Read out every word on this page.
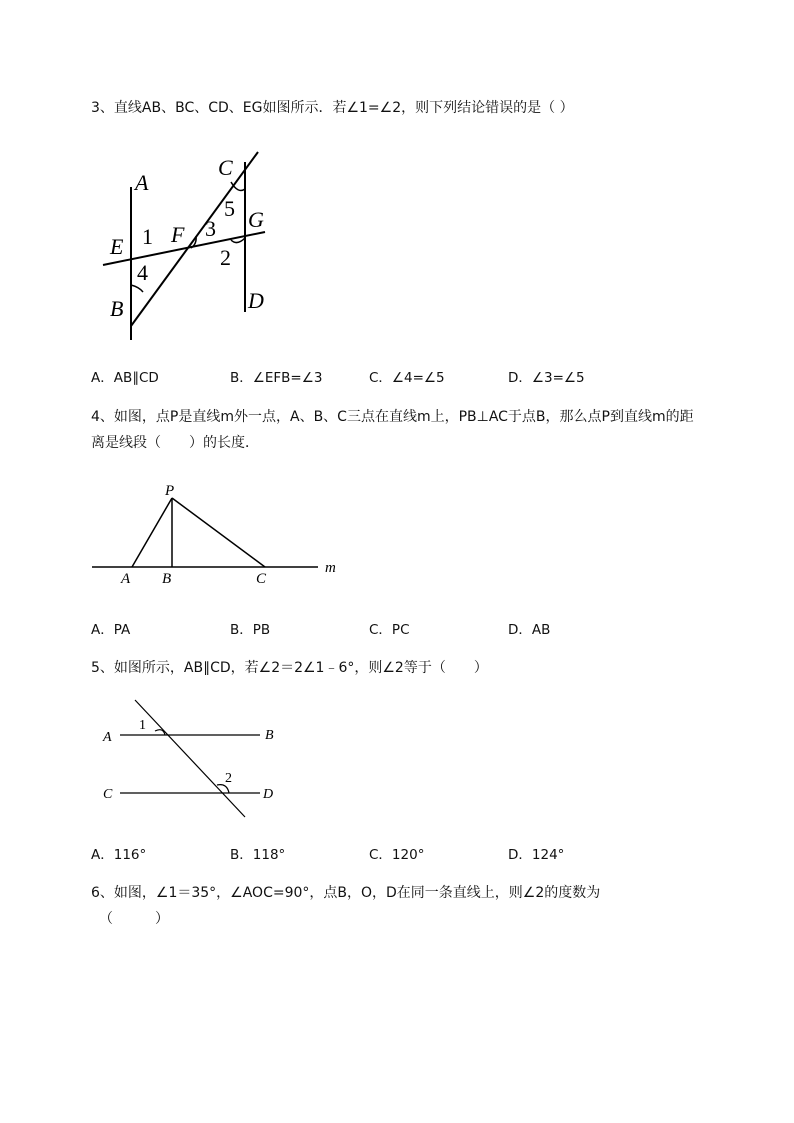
3、直线AB、BC、CD、EG如图所示．若∠1=∠2，则下列结论错误的是（ ）
A
C
5 G
E 1 F 3
2
4
B	D
A．AB∥CD	B．∠EFB=∠3	C．∠4=∠5	D．∠3=∠5
4、如图，点P是直线m外一点，A、B、C三点在直线m上，PB⊥AC于点B，那么点P到直线m的距
离是线段（　　）的长度．
P
A B	C
m
A．PA	B．PB	C．PC	D．AB
5、如图所示，AB∥CD，若∠2＝2∠1﹣6°，则∠2等于（　　）
1
A	B
2
C	D
A．116°	B．118°	C．120°	D．124°
6、如图，∠1＝35°，∠AOC=90°，点B，O，D在同一条直线上，则∠2的度数为
（　　　）
